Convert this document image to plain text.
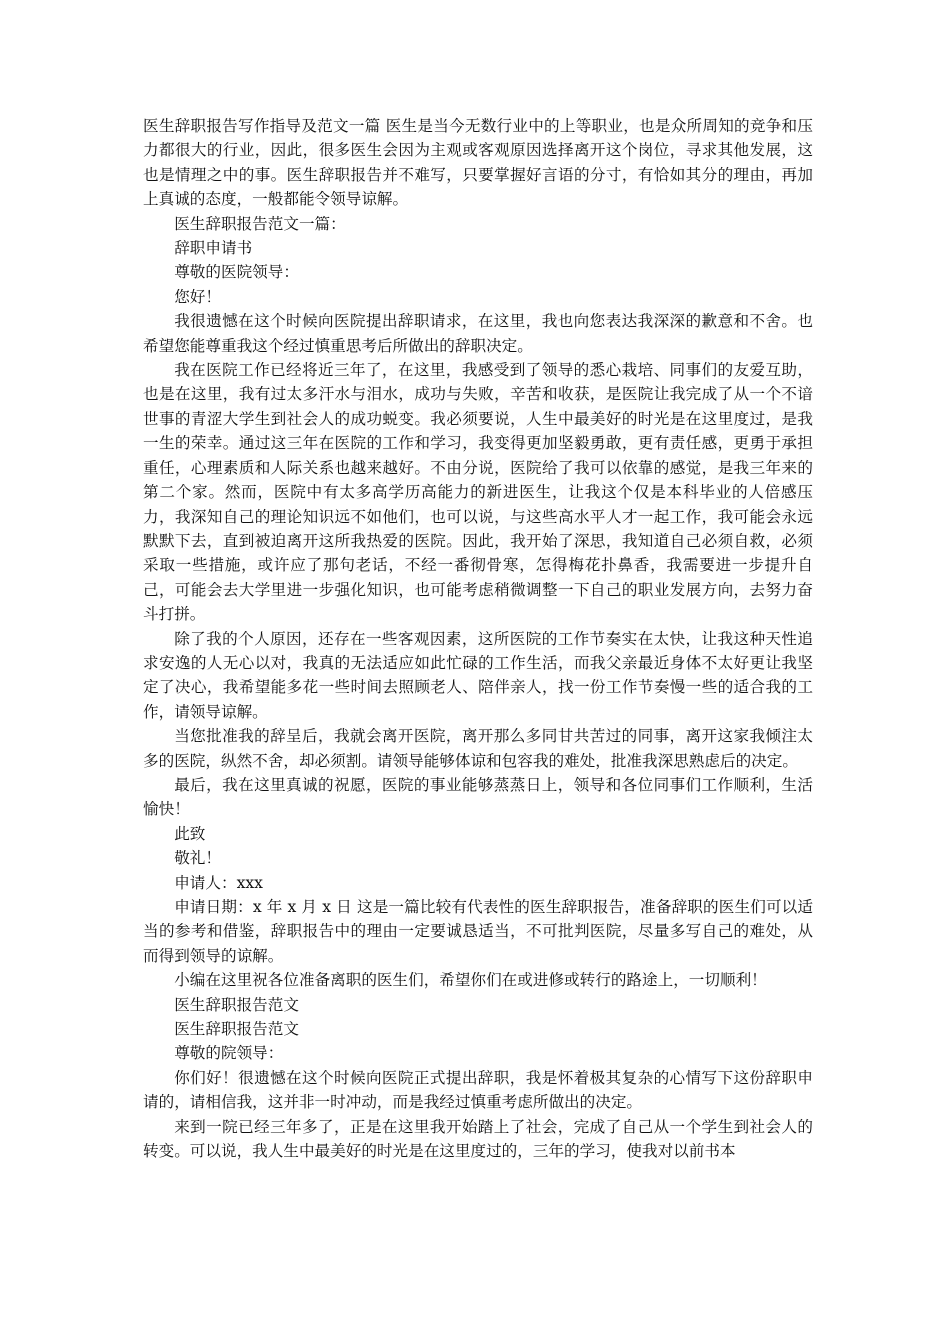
医生辞职报告写作指导及范文一篇 医生是当今无数行业中的上等职业，也是众所周知的竞争和压力都很大的行业，因此，很多医生会因为主观或客观原因选择离开这个岗位，寻求其他发展，这也是情理之中的事。医生辞职报告并不难写，只要掌握好言语的分寸，有恰如其分的理由，再加上真诚的态度，一般都能令领导谅解。

医生辞职报告范文一篇：

辞职申请书

尊敬的医院领导：

您好！

我很遗憾在这个时候向医院提出辞职请求，在这里，我也向您表达我深深的歉意和不舍。也希望您能尊重我这个经过慎重思考后所做出的辞职决定。

我在医院工作已经将近三年了，在这里，我感受到了领导的悉心栽培、同事们的友爱互助，也是在这里，我有过太多汗水与泪水，成功与失败，辛苦和收获，是医院让我完成了从一个不谙世事的青涩大学生到社会人的成功蜕变。我必须要说，人生中最美好的时光是在这里度过，是我一生的荣幸。通过这三年在医院的工作和学习，我变得更加坚毅勇敢，更有责任感，更勇于承担重任，心理素质和人际关系也越来越好。不由分说，医院给了我可以依靠的感觉，是我三年来的第二个家。然而，医院中有太多高学历高能力的新进医生，让我这个仅是本科毕业的人倍感压力，我深知自己的理论知识远不如他们，也可以说，与这些高水平人才一起工作，我可能会永远默默下去，直到被迫离开这所我热爱的医院。因此，我开始了深思，我知道自己必须自救，必须采取一些措施，或许应了那句老话，不经一番彻骨寒，怎得梅花扑鼻香，我需要进一步提升自己，可能会去大学里进一步强化知识，也可能考虑稍微调整一下自己的职业发展方向，去努力奋斗打拼。

除了我的个人原因，还存在一些客观因素，这所医院的工作节奏实在太快，让我这种天性追求安逸的人无心以对，我真的无法适应如此忙碌的工作生活，而我父亲最近身体不太好更让我坚定了决心，我希望能多花一些时间去照顾老人、陪伴亲人，找一份工作节奏慢一些的适合我的工作，请领导谅解。

当您批准我的辞呈后，我就会离开医院，离开那么多同甘共苦过的同事，离开这家我倾注太多的医院，纵然不舍，却必须割。请领导能够体谅和包容我的难处，批准我深思熟虑后的决定。

最后，我在这里真诚的祝愿，医院的事业能够蒸蒸日上，领导和各位同事们工作顺利，生活愉快！

此致

敬礼！

申请人：xxx

申请日期：x 年 x 月 x 日 这是一篇比较有代表性的医生辞职报告，准备辞职的医生们可以适当的参考和借鉴，辞职报告中的理由一定要诚恳适当，不可批判医院，尽量多写自己的难处，从而得到领导的谅解。

小编在这里祝各位准备离职的医生们，希望你们在或进修或转行的路途上，一切顺利！

医生辞职报告范文

医生辞职报告范文

尊敬的院领导：

你们好！很遗憾在这个时候向医院正式提出辞职，我是怀着极其复杂的心情写下这份辞职申请的，请相信我，这并非一时冲动，而是我经过慎重考虑所做出的决定。

来到一院已经三年多了，正是在这里我开始踏上了社会，完成了自己从一个学生到社会人的转变。可以说，我人生中最美好的时光是在这里度过的，三年的学习，使我对以前书本
